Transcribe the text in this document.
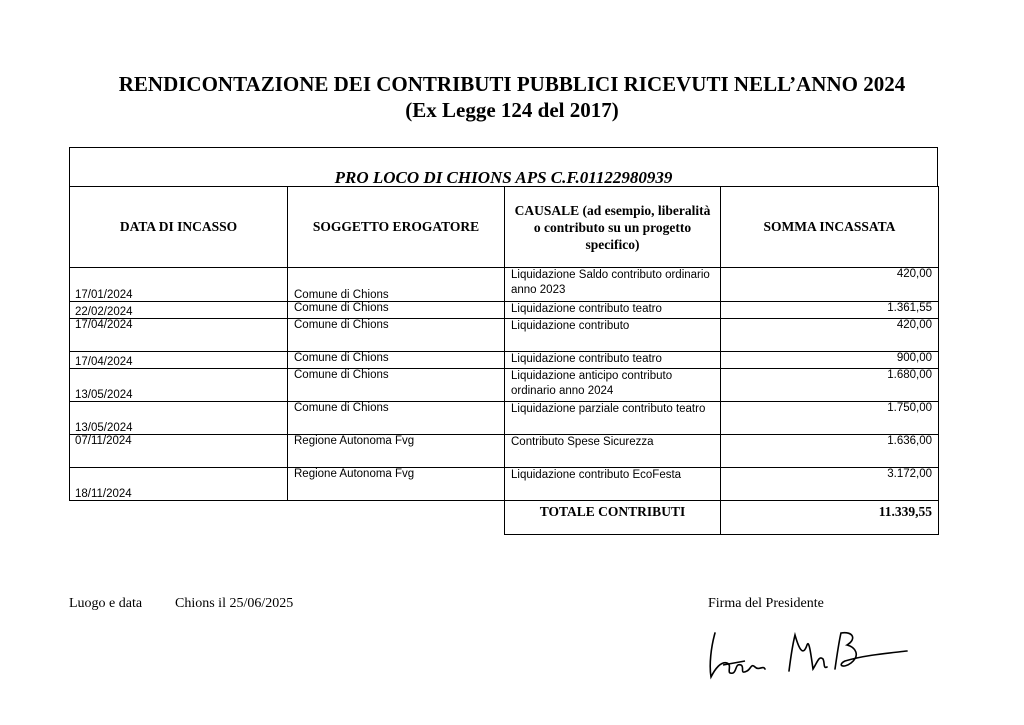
RENDICONTAZIONE DEI CONTRIBUTI PUBBLICI RICEVUTI NELL’ANNO 2024
(Ex Legge 124 del 2017)
PRO LOCO DI CHIONS APS C.F.01122980939
DATA DI INCASSO	SOGGETTO EROGATORE	CAUSALE (ad esempio, liberalità o contributo su un progetto specifico)	SOMMA INCASSATA
17/01/2024	Comune di Chions	Liquidazione Saldo contributo ordinario anno 2023	420,00
22/02/2024	Comune di Chions	Liquidazione contributo teatro	1.361,55
17/04/2024	Comune di Chions	Liquidazione contributo	420,00
17/04/2024	Comune di Chions	Liquidazione contributo teatro	900,00
13/05/2024	Comune di Chions	Liquidazione anticipo contributo ordinario anno 2024	1.680,00
13/05/2024	Comune di Chions	Liquidazione parziale contributo teatro	1.750,00
07/11/2024	Regione Autonoma Fvg	Contributo Spese Sicurezza	1.636,00
18/11/2024	Regione Autonoma Fvg	Liquidazione contributo EcoFesta	3.172,00
		TOTALE CONTRIBUTI	11.339,55
Luogo e data Chions il 25/06/2025	Firma del Presidente
